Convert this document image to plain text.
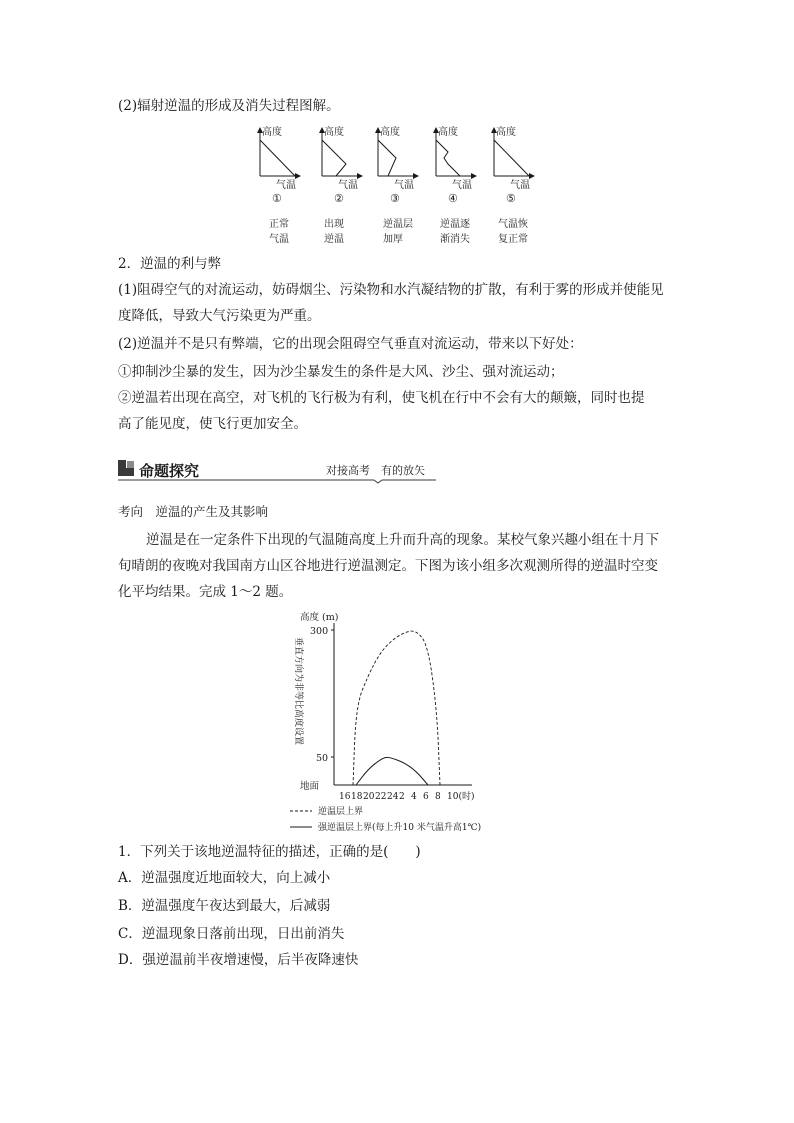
(2)辐射逆温的形成及消失过程图解。
高度
气温
①
正常
气温
高度
气温
②
出现
逆温
高度
气温
③
逆温层
加厚
高度
气温
④
逆温逐
渐消失
高度
气温
⑤
气温恢
复正常
2．逆温的利与弊
(1)阻碍空气的对流运动，妨碍烟尘、污染物和水汽凝结物的扩散，有利于雾的形成并使能见
度降低，导致大气污染更为严重。
(2)逆温并不是只有弊端，它的出现会阻碍空气垂直对流运动，带来以下好处：
①抑制沙尘暴的发生，因为沙尘暴发生的条件是大风、沙尘、强对流运动；
②逆温若出现在高空，对飞机的飞行极为有利，使飞机在行中不会有大的颠簸，同时也提
高了能见度，使飞行更加安全。
命题探究	对接高考　有的放矢
考向　逆温的产生及其影响
逆温是在一定条件下出现的气温随高度上升而升高的现象。某校气象兴趣小组在十月下
旬晴朗的夜晚对我国南方山区谷地进行逆温测定。下图为该小组多次观测所得的逆温时空变
化平均结果。完成 1～2 题。
高度 (m)
垂直方向为非等比高度设置
300
50
地面
16 18 20 22 24 2 4 6 8 10(时)
逆温层上界
强逆温层上界(每上升10 米气温升高1℃)
1．下列关于该地逆温特征的描述，正确的是(　　)
A．逆温强度近地面较大，向上减小
B．逆温强度午夜达到最大，后减弱
C．逆温现象日落前出现，日出前消失
D．强逆温前半夜增速慢，后半夜降速快
